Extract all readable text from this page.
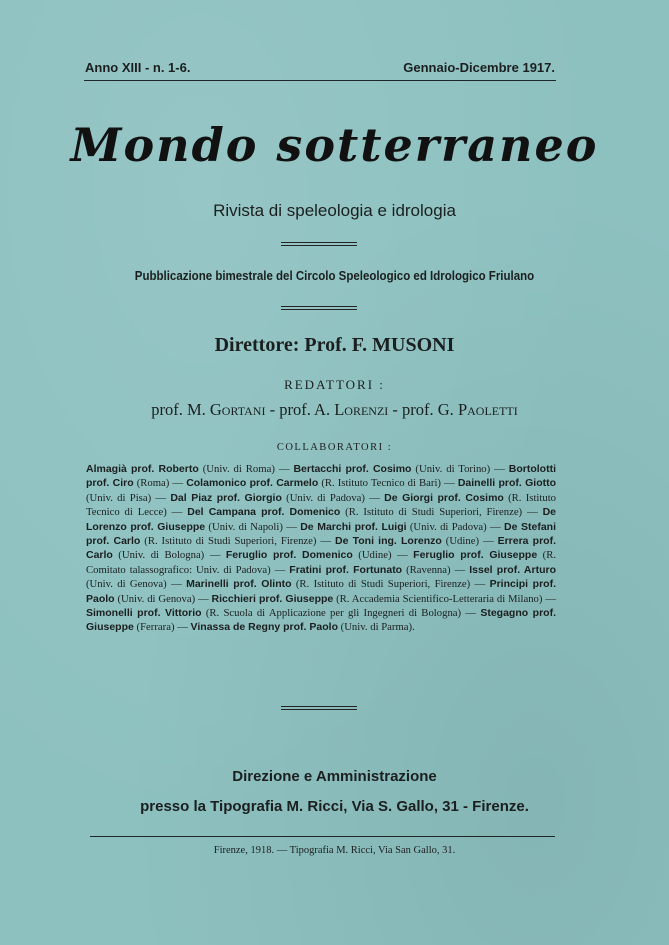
Anno XIII - n. 1-6.	Gennaio-Dicembre 1917.
Mondo sotterraneo
Rivista di speleologia e idrologia
Pubblicazione bimestrale del Circolo Speleologico ed Idrologico Friulano
Direttore: Prof. F. MUSONI
REDATTORI :
prof. M. Gortani - prof. A. Lorenzi - prof. G. Paoletti
COLLABORATORI :
Almagià prof. Roberto (Univ. di Roma) — Bertacchi prof. Cosimo (Univ. di Torino) — Bortolotti prof. Ciro (Roma) — Colamonico prof. Carmelo (R. Istituto Tecnico di Bari) — Dainelli prof. Giotto (Univ. di Pisa) — Dal Piaz prof. Giorgio (Univ. di Padova) — De Giorgi prof. Cosimo (R. Istituto Tecnico di Lecce) — Del Campana prof. Domenico (R. Istituto di Studi Superiori, Firenze) — De Lorenzo prof. Giuseppe (Univ. di Napoli) — De Marchi prof. Luigi (Univ. di Padova) — De Stefani prof. Carlo (R. Istituto di Studi Superiori, Firenze) — De Toni ing. Lorenzo (Udine) — Errera prof. Carlo (Univ. di Bologna) — Feruglio prof. Domenico (Udine) — Feruglio prof. Giuseppe (R. Comitato talassografico: Univ. di Padova) — Fratini prof. Fortunato (Ravenna) — Issel prof. Arturo (Univ. di Genova) — Marinelli prof. Olinto (R. Istituto di Studi Superiori, Firenze) — Principi prof. Paolo (Univ. di Genova) — Ricchieri prof. Giuseppe (R. Accademia Scientifico-Letteraria di Milano) — Simonelli prof. Vittorio (R. Scuola di Applicazione per gli Ingegneri di Bologna) — Stegagno prof. Giuseppe (Ferrara) — Vinassa de Regny prof. Paolo (Univ. di Parma).
Direzione e Amministrazione
presso la Tipografia M. Ricci, Via S. Gallo, 31 - Firenze.
Firenze, 1918. — Tipografia M. Ricci, Via San Gallo, 31.
